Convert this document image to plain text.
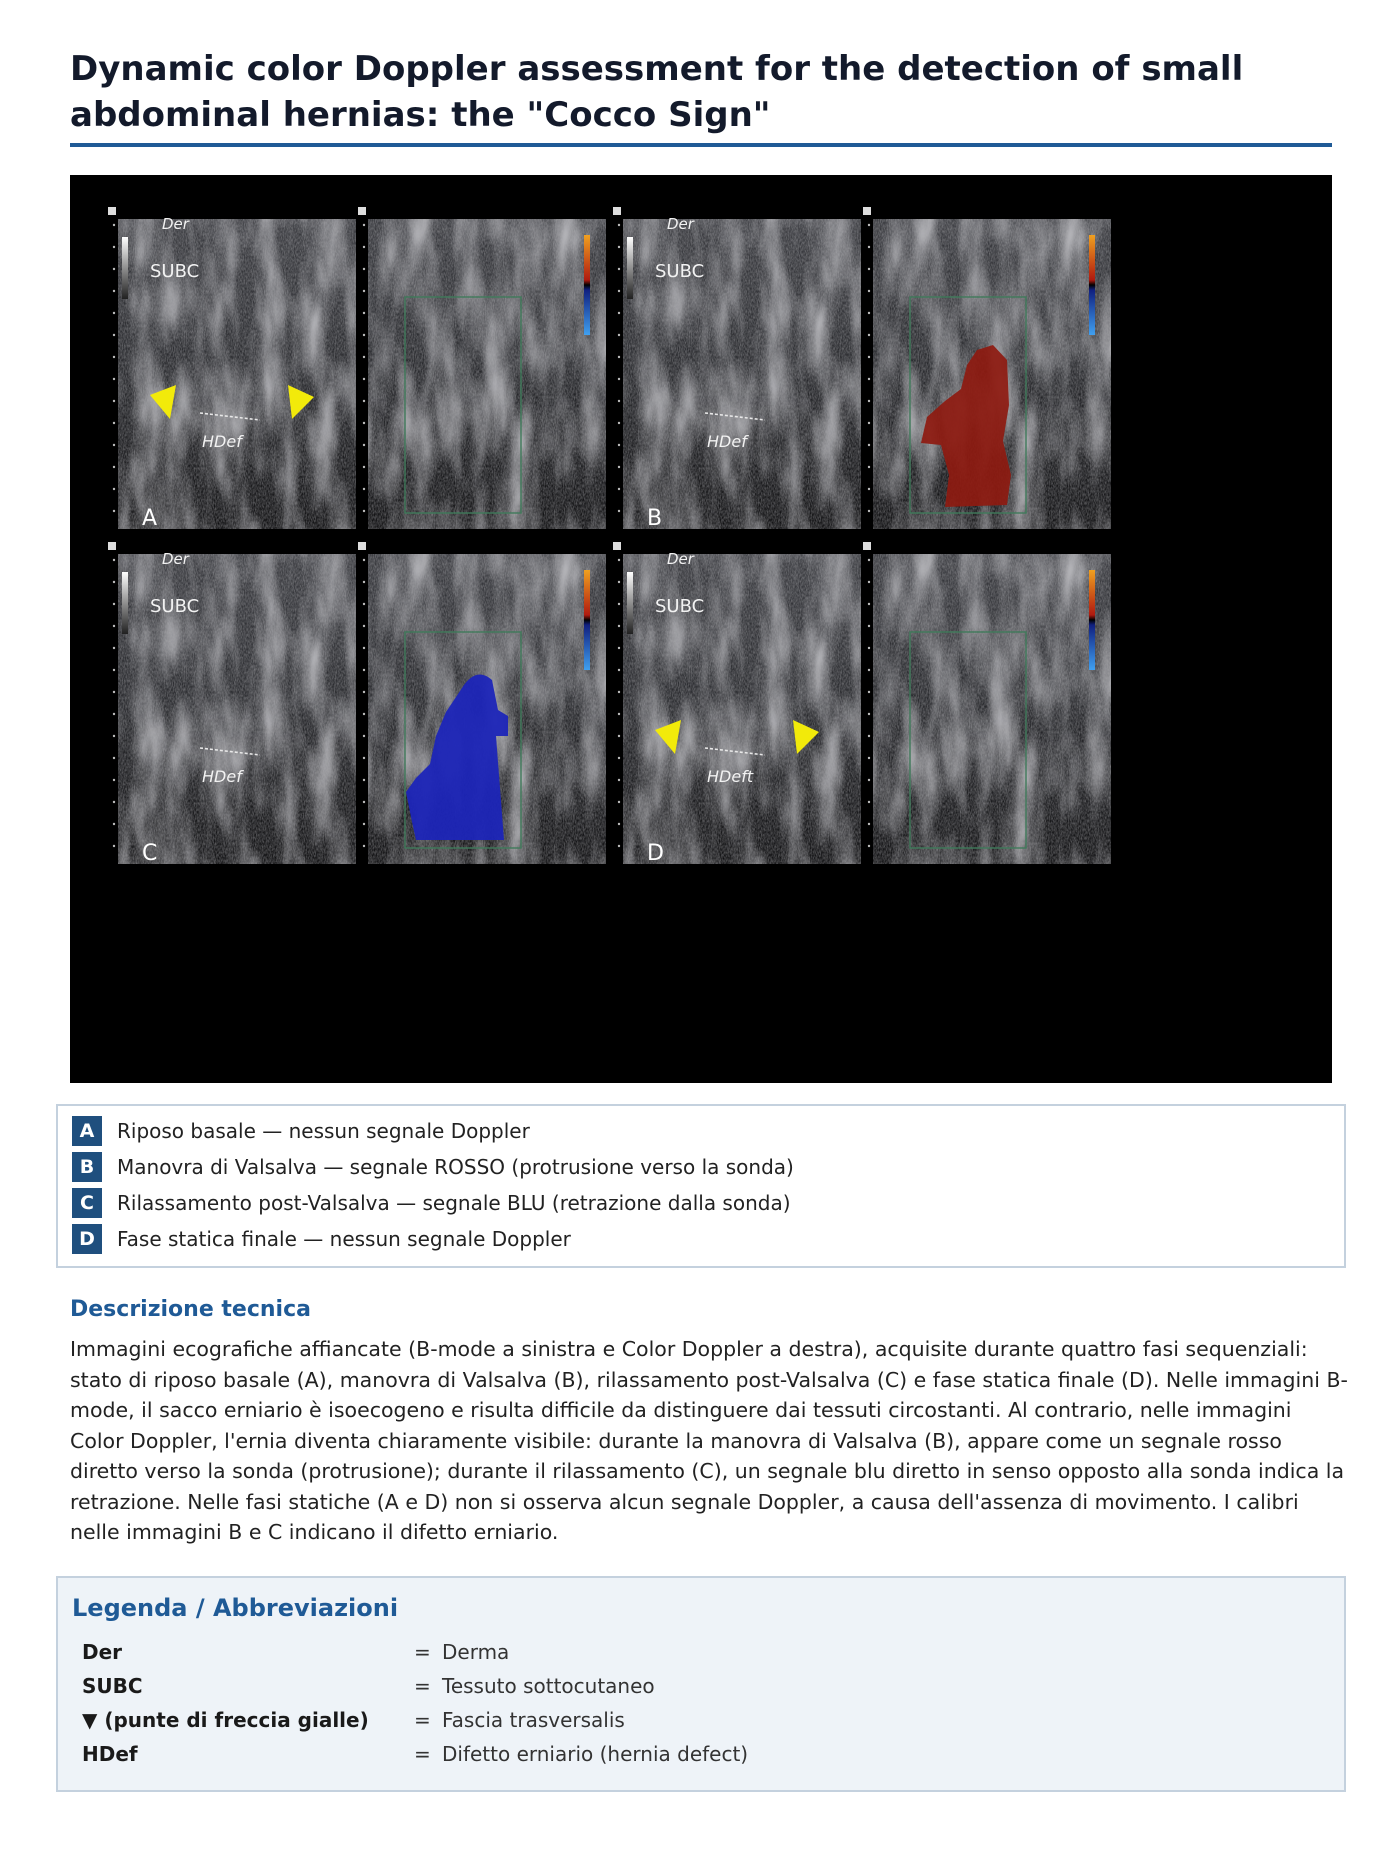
Dynamic color Doppler assessment for the detection of small abdominal hernias: the "Cocco Sign"
Der
SUBC
HDef
A
Der
SUBC
HDef
B
Der
SUBC
HDef
C
Der
SUBC
HDeft
D
A	Riposo basale — nessun segnale Doppler
B	Manovra di Valsalva — segnale ROSSO (protrusione verso la sonda)
C	Rilassamento post-Valsalva — segnale BLU (retrazione dalla sonda)
D	Fase statica finale — nessun segnale Doppler
Descrizione tecnica

Immagini ecografiche affiancate (B-mode a sinistra e Color Doppler a destra), acquisite durante quattro fasi sequenziali: stato di riposo basale (A), manovra di Valsalva (B), rilassamento post-Valsalva (C) e fase statica finale (D). Nelle immagini B-mode, il sacco erniario è isoecogeno e risulta difficile da distinguere dai tessuti circostanti. Al contrario, nelle immagini Color Doppler, l'ernia diventa chiaramente visibile: durante la manovra di Valsalva (B), appare come un segnale rosso diretto verso la sonda (protrusione); durante il rilassamento (C), un segnale blu diretto in senso opposto alla sonda indica la retrazione. Nelle fasi statiche (A e D) non si osserva alcun segnale Doppler, a causa dell'assenza di movimento. I calibri nelle immagini B e C indicano il difetto erniario.

Legenda / Abbreviazioni
Der	= Derma
SUBC	= Tessuto sottocutaneo
▼ (punte di freccia gialle) = Fascia trasversalis
HDef	= Difetto erniario (hernia defect)
